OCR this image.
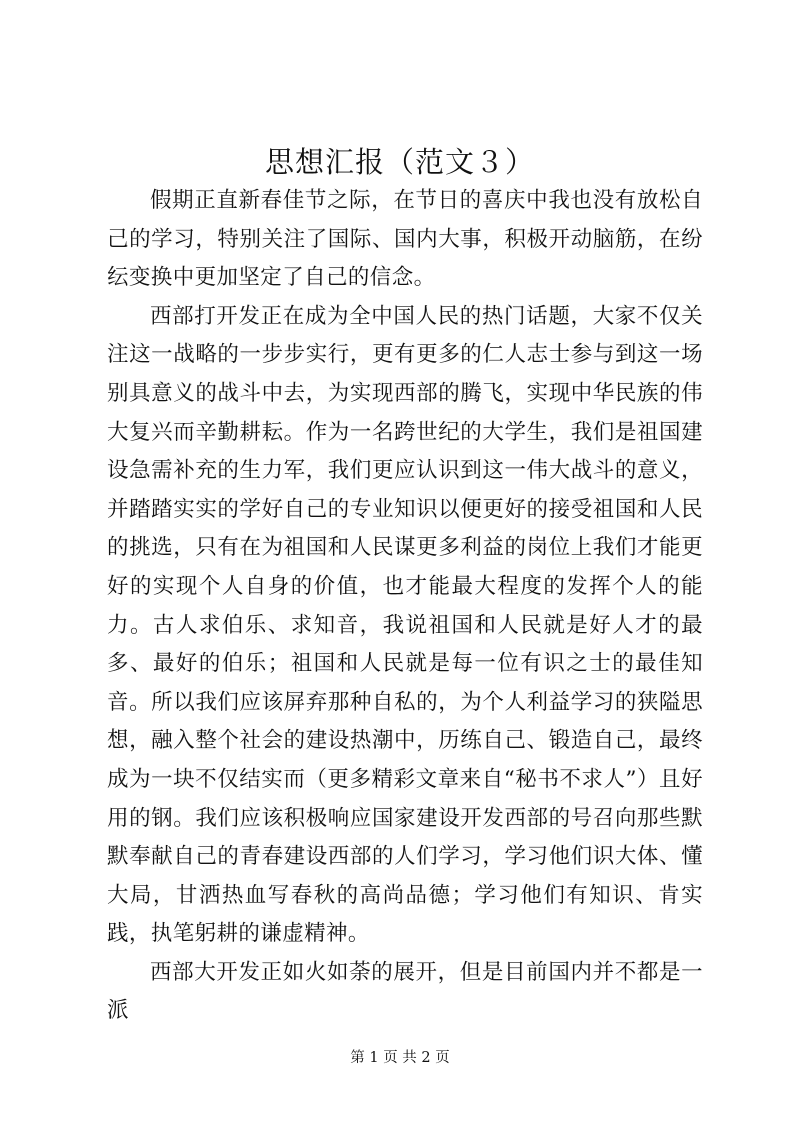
思想汇报（范文３）

假期正直新春佳节之际，在节日的喜庆中我也没有放松自己的学习，特别关注了国际、国内大事，积极开动脑筋，在纷纭变换中更加坚定了自己的信念。

西部打开发正在成为全中国人民的热门话题，大家不仅关注这一战略的一步步实行，更有更多的仁人志士参与到这一场别具意义的战斗中去，为实现西部的腾飞，实现中华民族的伟大复兴而辛勤耕耘。作为一名跨世纪的大学生，我们是祖国建设急需补充的生力军，我们更应认识到这一伟大战斗的意义，并踏踏实实的学好自己的专业知识以便更好的接受祖国和人民的挑选，只有在为祖国和人民谋更多利益的岗位上我们才能更好的实现个人自身的价值，也才能最大程度的发挥个人的能力。古人求伯乐、求知音，我说祖国和人民就是好人才的最多、最好的伯乐；祖国和人民就是每一位有识之士的最佳知音。所以我们应该屏弃那种自私的，为个人利益学习的狭隘思想，融入整个社会的建设热潮中，历练自己、锻造自己，最终成为一块不仅结实而（更多精彩文章来自“秘书不求人”）且好用的钢。我们应该积极响应国家建设开发西部的号召向那些默默奉献自己的青春建设西部的人们学习，学习他们识大体、懂大局，甘洒热血写春秋的高尚品德；学习他们有知识、肯实践，执笔躬耕的谦虚精神。

西部大开发正如火如荼的展开，但是目前国内并不都是一派

第 1 页 共 2 页
